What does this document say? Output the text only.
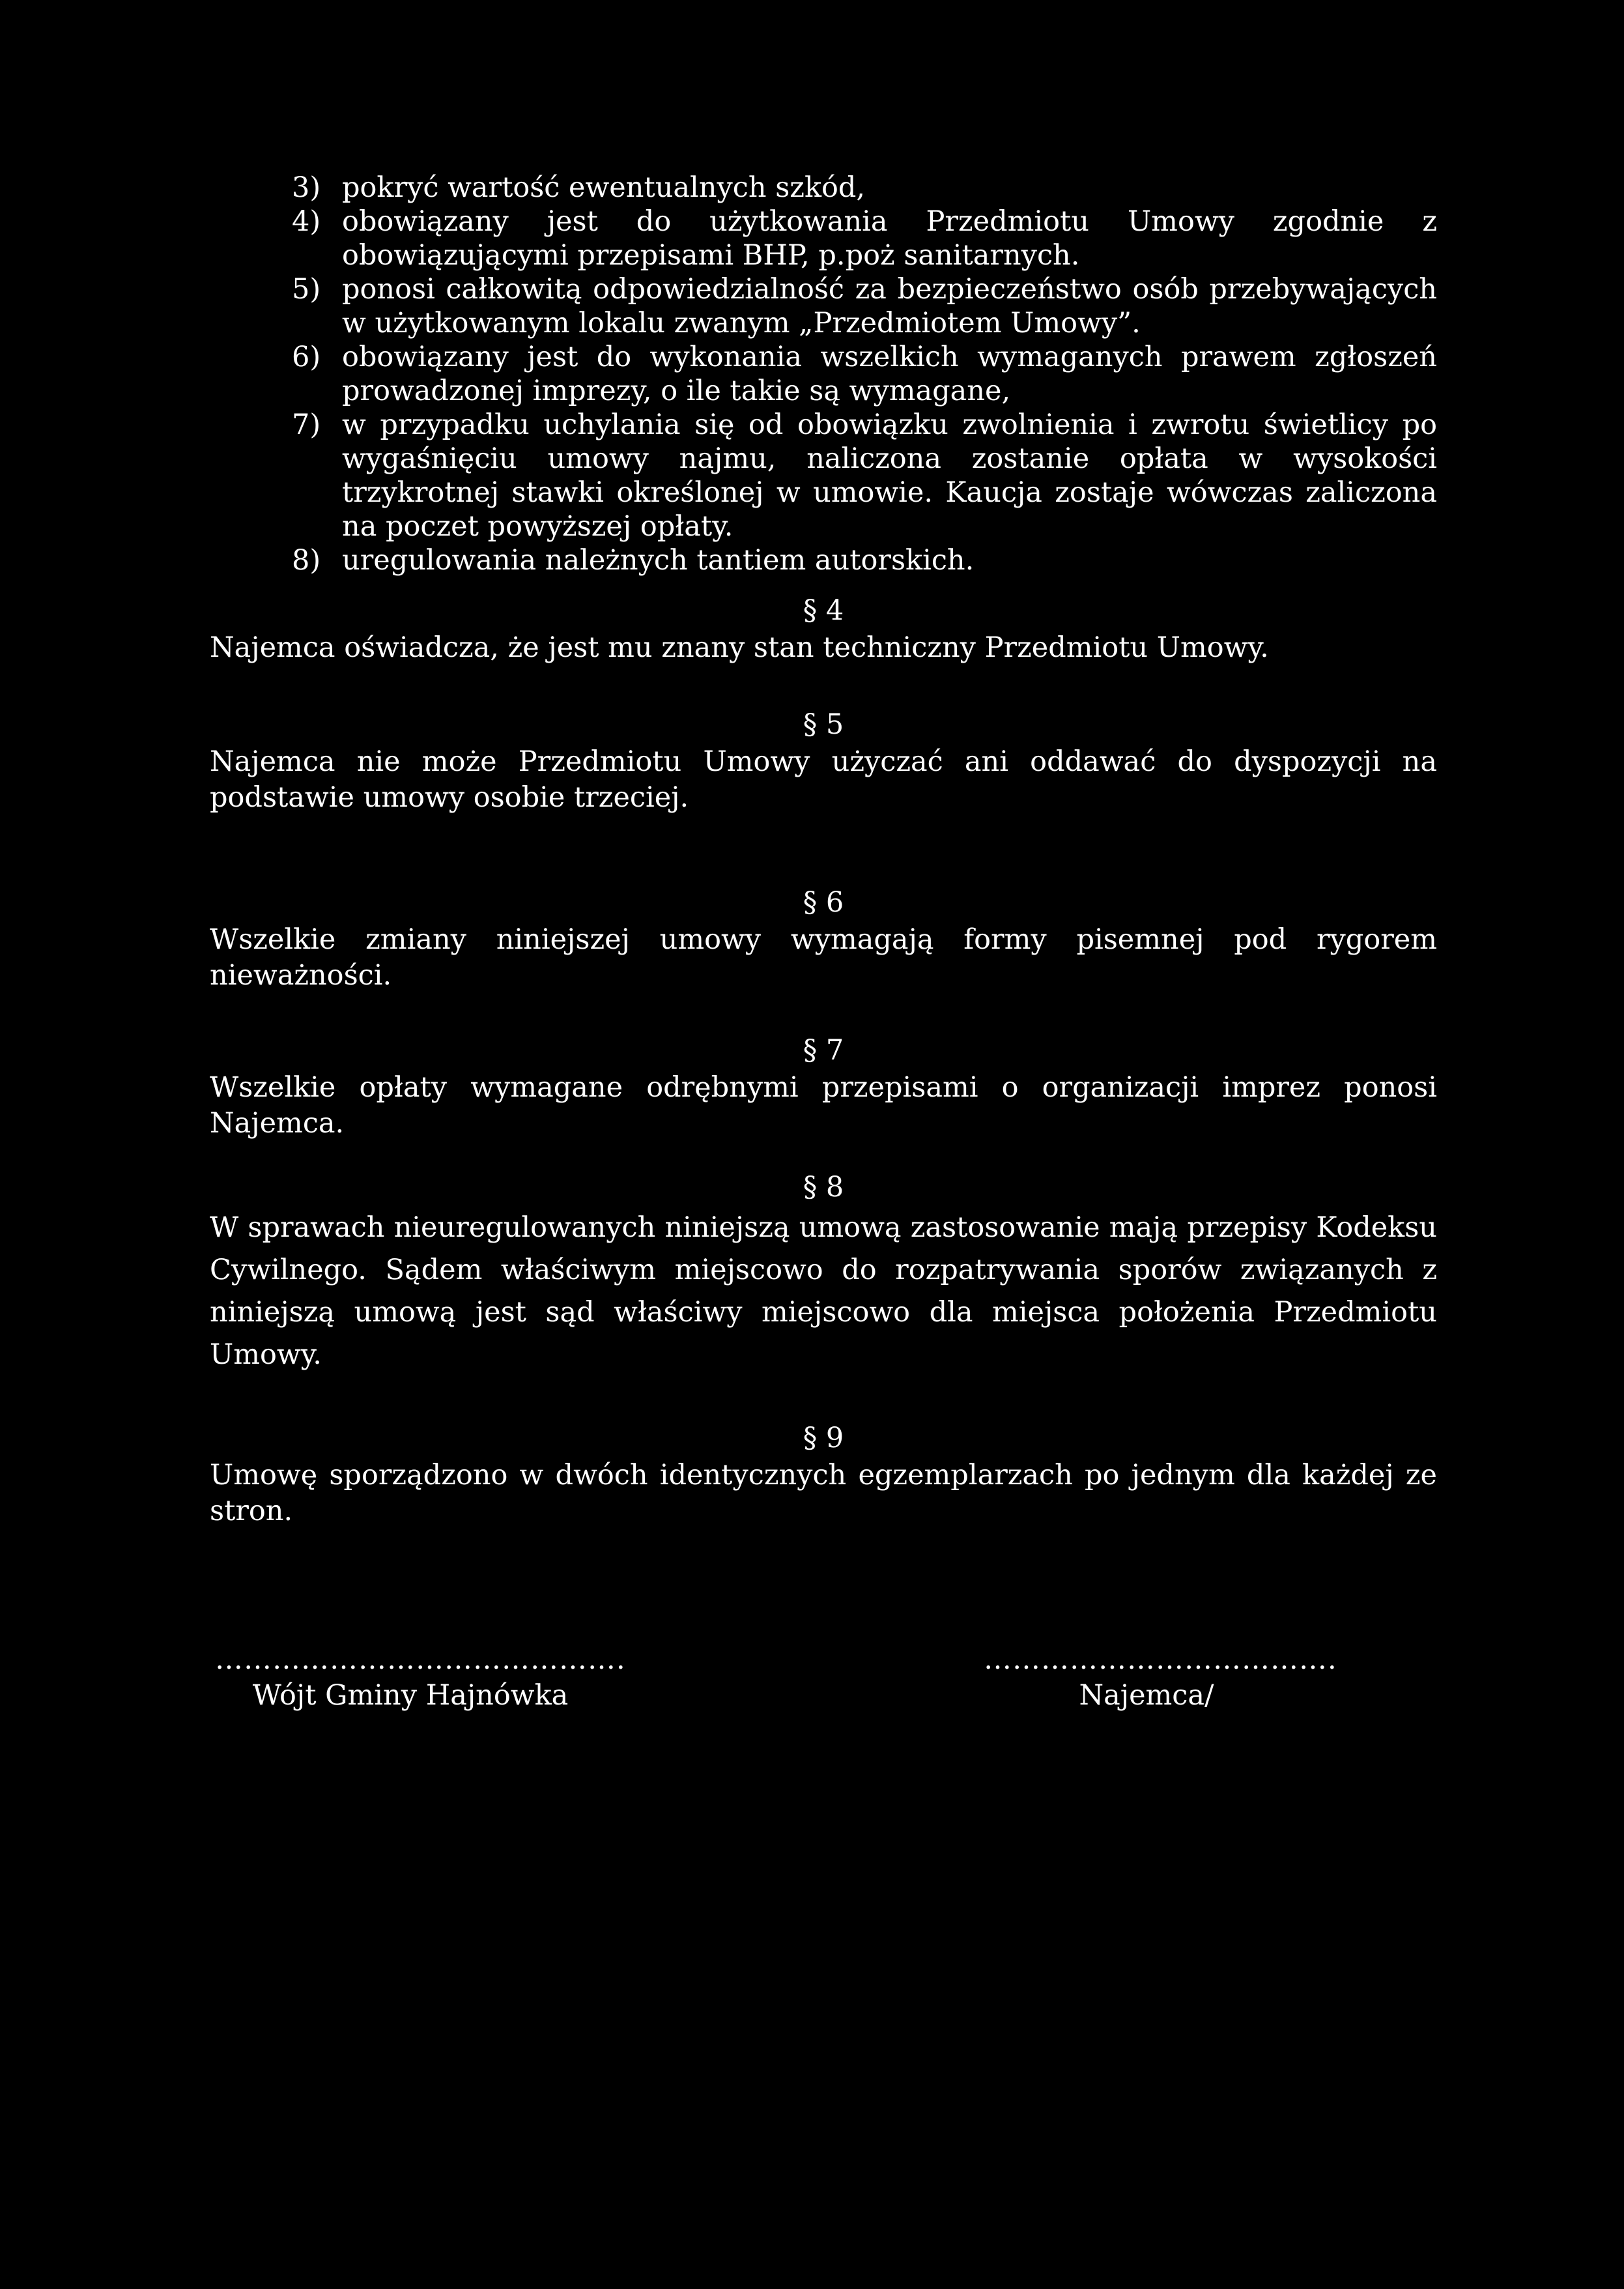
3) pokryć wartość ewentualnych szkód,
4) obowiązany jest do użytkowania Przedmiotu Umowy zgodnie z obowiązującymi przepisami BHP, p.poż sanitarnych.
5) ponosi całkowitą odpowiedzialność za bezpieczeństwo osób przebywających w użytkowanym lokalu zwanym „Przedmiotem Umowy”.
6) obowiązany jest do wykonania wszelkich wymaganych prawem zgłoszeń prowadzonej imprezy, o ile takie są wymagane,
7) w przypadku uchylania się od obowiązku zwolnienia i zwrotu świetlicy po wygaśnięciu umowy najmu, naliczona zostanie opłata w wysokości trzykrotnej stawki określonej w umowie. Kaucja zostaje wówczas zaliczona na poczet powyższej opłaty.
8) uregulowania należnych tantiem autorskich.
§ 4
Najemca oświadcza, że jest mu znany stan techniczny Przedmiotu Umowy.
§ 5
Najemca nie może Przedmiotu Umowy użyczać ani oddawać do dyspozycji na podstawie umowy osobie trzeciej.
§ 6
Wszelkie zmiany niniejszej umowy wymagają formy pisemnej pod rygorem nieważności.
§ 7
Wszelkie opłaty wymagane odrębnymi przepisami o organizacji imprez ponosi Najemca.
§ 8
W sprawach nieuregulowanych niniejszą umową zastosowanie mają przepisy Kodeksu Cywilnego. Sądem właściwym miejscowo do rozpatrywania sporów związanych z niniejszą umową jest sąd właściwy miejscowo dla miejsca położenia Przedmiotu Umowy.
§ 9
Umowę sporządzono w dwóch identycznych egzemplarzach po jednym dla każdej ze stron.
…………………………………….
Wójt Gminy Hajnówka
……………………………….
Najemca/
